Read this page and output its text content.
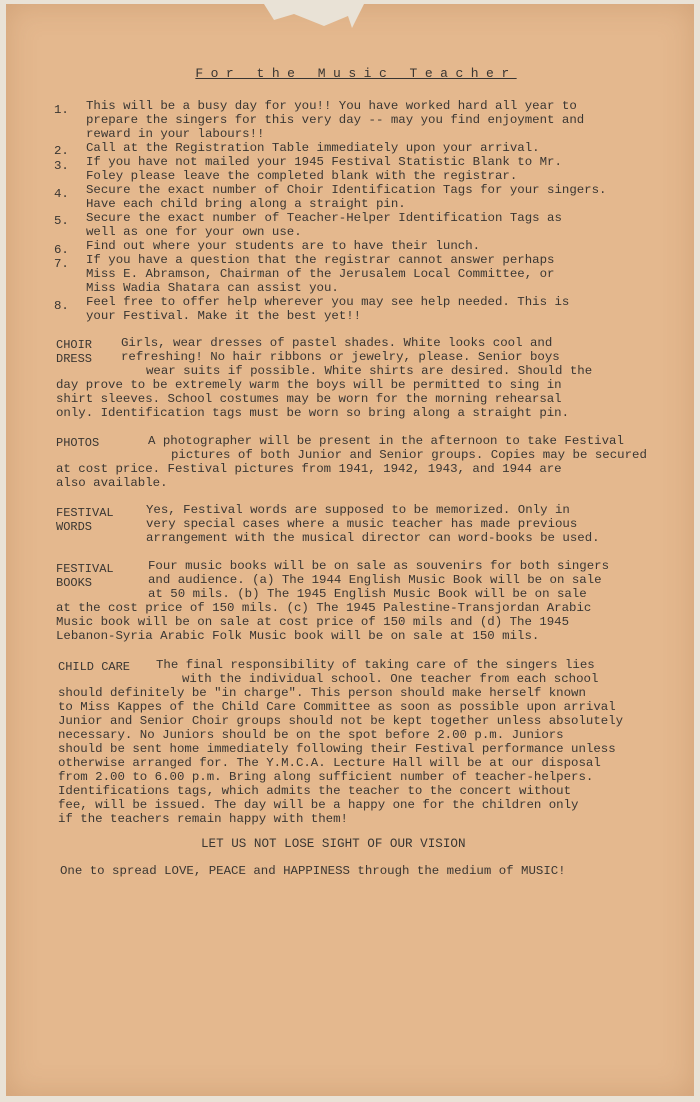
For the Music Teacher
1. This will be a busy day for you!! You have worked hard all year to
prepare the singers for this very day -- may you find enjoyment and
reward in your labours!!
2. Call at the Registration Table immediately upon your arrival.
3. If you have not mailed your 1945 Festival Statistic Blank to Mr.
Foley please leave the completed blank with the registrar.
4. Secure the exact number of Choir Identification Tags for your singers.
Have each child bring along a straight pin.
5. Secure the exact number of Teacher-Helper Identification Tags as
well as one for your own use.
6. Find out where your students are to have their lunch.
7. If you have a question that the registrar cannot answer perhaps
Miss E. Abramson, Chairman of the Jerusalem Local Committee, or
Miss Wadia Shatara can assist you.
8. Feel free to offer help wherever you may see help needed. This is
your Festival. Make it the best yet!!
CHOIR
DRESS
Girls, wear dresses of pastel shades. White looks cool and
refreshing! No hair ribbons or jewelry, please. Senior boys
wear suits if possible. White shirts are desired. Should the
day prove to be extremely warm the boys will be permitted to sing in
shirt sleeves. School costumes may be worn for the morning rehearsal
only. Identification tags must be worn so bring along a straight pin.
PHOTOS	A photographer will be present in the afternoon to take Festival
pictures of both Junior and Senior groups. Copies may be secured
at cost price. Festival pictures from 1941, 1942, 1943, and 1944 are
also available.
FESTIVAL
WORDS
Yes, Festival words are supposed to be memorized. Only in
very special cases where a music teacher has made previous
arrangement with the musical director can word-books be used.
FESTIVAL
BOOKS
Four music books will be on sale as souvenirs for both singers
and audience. (a) The 1944 English Music Book will be on sale
at 50 mils. (b) The 1945 English Music Book will be on sale
at the cost price of 150 mils. (c) The 1945 Palestine-Transjordan Arabic
Music book will be on sale at cost price of 150 mils and (d) The 1945
Lebanon-Syria Arabic Folk Music book will be on sale at 150 mils.
CHILD CARE The final responsibility of taking care of the singers lies
with the individual school. One teacher from each school
should definitely be "in charge". This person should make herself known
to Miss Kappes of the Child Care Committee as soon as possible upon arrival
Junior and Senior Choir groups should not be kept together unless absolutely
necessary. No Juniors should be on the spot before 2.00 p.m. Juniors
should be sent home immediately following their Festival performance unless
otherwise arranged for. The Y.M.C.A. Lecture Hall will be at our disposal
from 2.00 to 6.00 p.m. Bring along sufficient number of teacher-helpers.
Identifications tags, which admits the teacher to the concert without
fee, will be issued. The day will be a happy one for the children only
if the teachers remain happy with them!
LET US NOT LOSE SIGHT OF OUR VISION
One to spread LOVE, PEACE and HAPPINESS through the medium of MUSIC!
